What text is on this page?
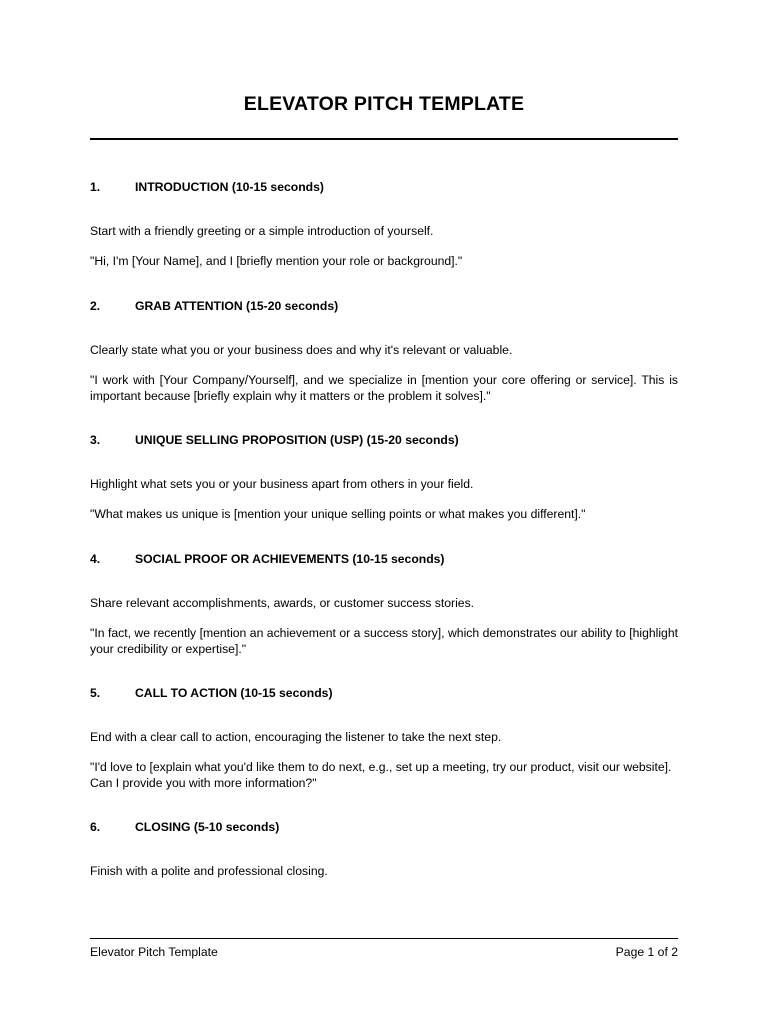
ELEVATOR PITCH TEMPLATE

1.	INTRODUCTION (10-15 seconds)

Start with a friendly greeting or a simple introduction of yourself.

"Hi, I'm [Your Name], and I [briefly mention your role or background]."

2.	GRAB ATTENTION (15-20 seconds)

Clearly state what you or your business does and why it's relevant or valuable.

"I work with [Your Company/Yourself], and we specialize in [mention your core offering or service]. This is important because [briefly explain why it matters or the problem it solves]."

3.	UNIQUE SELLING PROPOSITION (USP) (15-20 seconds)

Highlight what sets you or your business apart from others in your field.

"What makes us unique is [mention your unique selling points or what makes you different]."

4.	SOCIAL PROOF OR ACHIEVEMENTS (10-15 seconds)

Share relevant accomplishments, awards, or customer success stories.

"In fact, we recently [mention an achievement or a success story], which demonstrates our ability to [highlight your credibility or expertise]."

5.	CALL TO ACTION (10-15 seconds)

End with a clear call to action, encouraging the listener to take the next step.

"I'd love to [explain what you'd like them to do next, e.g., set up a meeting, try our product, visit our website]. Can I provide you with more information?"

6.	CLOSING (5-10 seconds)

Finish with a polite and professional closing.

Elevator Pitch Template	Page 1 of 2
